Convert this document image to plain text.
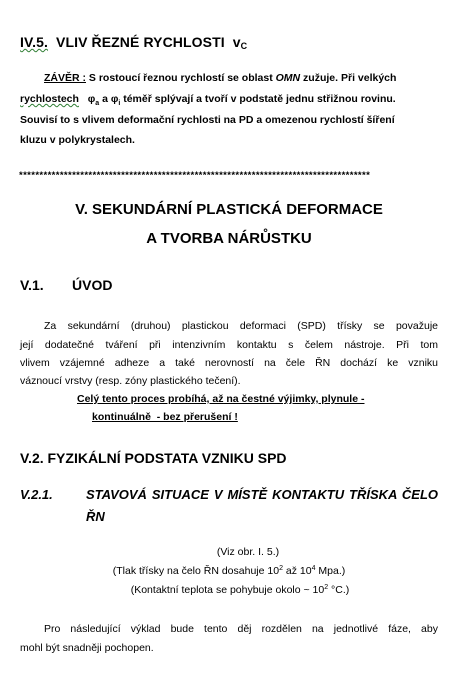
IV.5. VLIV ŘEZNÉ RYCHLOSTI $v_C$
ZÁVĚR : S rostoucí řeznou rychlostí se oblast OMN zužuje. Při velkých
rychlostech $\varphi_a$ a $\varphi_i$ téměř splývají a tvoří v podstatě jednu střižnou rovinu.
Souvisí to s vlivem deformační rychlosti na PD a omezenou rychlostí šíření
kluzu v polykrystalech.
**************************************************************************************
V. SEKUNDÁRNÍ PLASTICKÁ DEFORMACE
A TVORBA NÁRŮSTKU
V.1. ÚVOD
Za sekundární (druhou) plastickou deformaci (SPD) třísky se považuje
její dodatečné tváření při intenzivním kontaktu s čelem nástroje. Při tom
vlivem vzájemné adheze a také nerovností na čele ŘN dochází ke vzniku
váznoucí vrstvy (resp. zóny plastického tečení).
Celý tento proces probíhá, až na čestné výjimky, plynule -
kontinuálně  - bez přerušení !
V.2. FYZIKÁLNÍ PODSTATA VZNIKU SPD
V.2.1.	STAVOVÁ SITUACE V MÍSTĚ KONTAKTU TŘÍSKA ČELO
ŘN
(Viz obr. I. 5.)
(Tlak třísky na čelo ŘN dosahuje $10^2$ až $10^4$ Mpa.)
(Kontaktní teplota se pohybuje okolo ~ $10^2$ °C.)
Pro následující výklad bude tento děj rozdělen na jednotlivé fáze, aby
mohl být snadněji pochopen.
